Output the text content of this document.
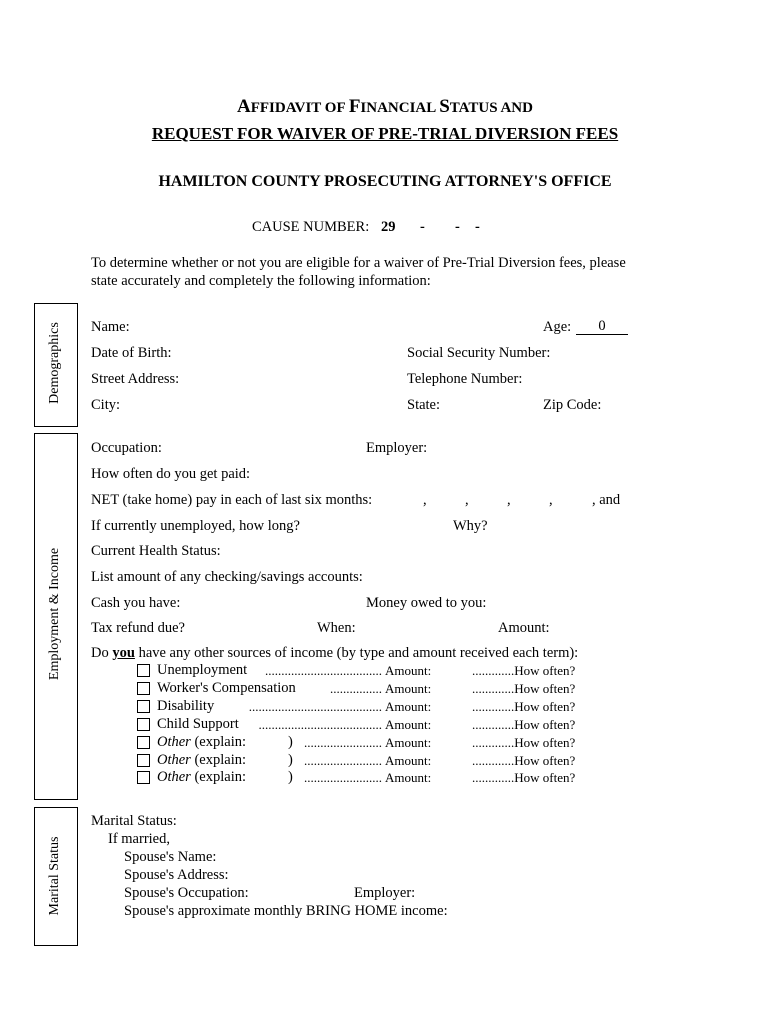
AFFIDAVIT OF FINANCIAL STATUS AND
REQUEST FOR WAIVER OF PRE-TRIAL DIVERSION FEES
HAMILTON COUNTY PROSECUTING ATTORNEY'S OFFICE
CAUSE NUMBER: 29 - - -
To determine whether or not you are eligible for a waiver of Pre-Trial Diversion fees, please
state accurately and completely the following information:
Demographics
Employment & Income
Marital Status
Name:	Age:	0
Date of Birth:	Social Security Number:
Street Address:	Telephone Number:
City:	State:	Zip Code:
Occupation:	Employer:
How often do you get paid:
NET (take home) pay in each of last six months:	,	,	,	,	, and
If currently unemployed, how long?	Why?
Current Health Status:
List amount of any checking/savings accounts:
Cash you have:	Money owed to you:
Tax refund due?	When:	Amount:
Do you have any other sources of income (by type and amount received each term):
Unemployment .................................... Amount:	.............How often?
Worker's Compensation	................ Amount:	.............How often?
Disability	......................................... Amount:	.............How often?
Child Support ...................................... Amount:	.............How often?
Other (explain:	) ........................ Amount:	.............How often?
Other (explain:	) ........................ Amount:	.............How often?
Other (explain:	) ........................ Amount:	.............How often?
Marital Status:
If married,
Spouse's Name:
Spouse's Address:
Spouse's Occupation:	Employer:
Spouse's approximate monthly BRING HOME income:
